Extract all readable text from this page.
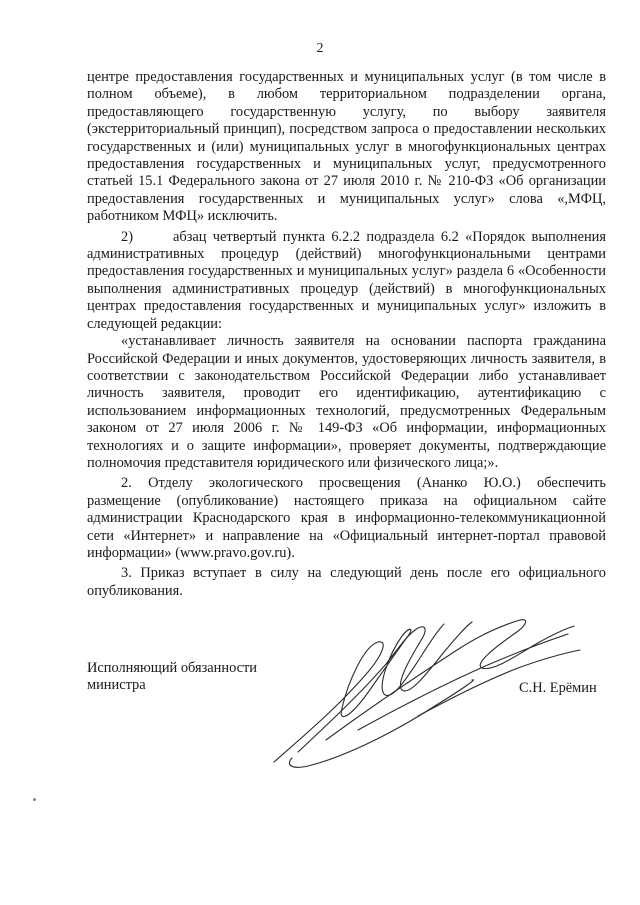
2

центре предоставления государственных и муниципальных услуг (в том числе в полном объеме), в любом территориальном подразделении органа, предоставляющего государственную услугу, по выбору заявителя (экстерриториальный принцип), посредством запроса о предоставлении нескольких государственных и (или) муниципальных услуг в многофункциональных центрах предоставления государственных и муниципальных услуг, предусмотренного статьей 15.1 Федерального закона от 27 июля 2010 г. № 210-ФЗ «Об организации предоставления государственных и муниципальных услуг» слова «,МФЦ, работником МФЦ» исключить.

2)	абзац четвертый пункта 6.2.2 подраздела 6.2 «Порядок выполнения административных процедур (действий) многофункциональными центрами предоставления государственных и муниципальных услуг» раздела 6 «Особенности выполнения административных процедур (действий) в многофункциональных центрах предоставления государственных и муниципальных услуг» изложить в следующей редакции:

«устанавливает личность заявителя на основании паспорта гражданина Российской Федерации и иных документов, удостоверяющих личность заявителя, в соответствии с законодательством Российской Федерации либо устанавливает личность заявителя, проводит его идентификацию, аутентификацию с использованием информационных технологий, предусмотренных Федеральным законом от 27 июля 2006 г. № 149-ФЗ «Об информации, информационных технологиях и о защите информации», проверяет документы, подтверждающие полномочия представителя юридического или физического лица;».

2. Отделу экологического просвещения (Ананко Ю.О.) обеспечить размещение (опубликование) настоящего приказа на официальном сайте администрации Краснодарского края в информационно-телекоммуникационной сети «Интернет» и направление на «Официальный интернет-портал правовой информации» (www.pravo.gov.ru).

3. Приказ вступает в силу на следующий день после его официального опубликования.

Исполняющий обязанности
министра	С.Н. Ерёмин
